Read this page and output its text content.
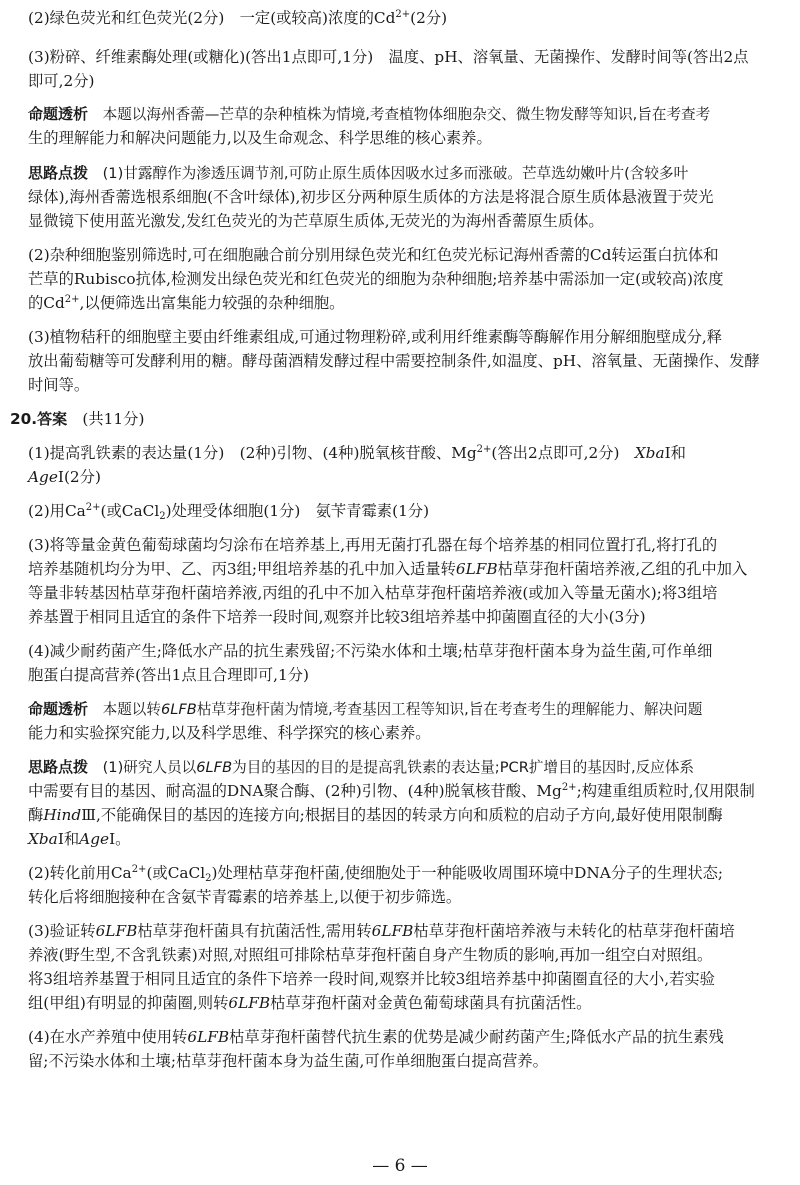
(2)绿色荧光和红色荧光(2分)　一定(或较高)浓度的$Cd^{2+}(2$分)
(3)粉碎、纤维素酶处理(或糖化)(答出1点即可,1分)　温度、pH、溶氧量、无菌操作、发酵时间等(答出2点
即可,2分)
命题透析　本题以海州香薷—芒草的杂种植株为情境,考查植物体细胞杂交、微生物发酵等知识,旨在考查考
生的理解能力和解决问题能力,以及生命观念、科学思维的核心素养。
思路点拨　(1)甘露醇作为渗透压调节剂,可防止原生质体因吸水过多而涨破。芒草选幼嫩叶片(含较多叶
绿体),海州香薷选根系细胞(不含叶绿体),初步区分两种原生质体的方法是将混合原生质体悬液置于荧光
显微镜下使用蓝光激发,发红色荧光的为芒草原生质体,无荧光的为海州香薷原生质体。
(2)杂种细胞鉴别筛选时,可在细胞融合前分别用绿色荧光和红色荧光标记海州香薷的Cd转运蛋白抗体和
芒草的Rubisco抗体,检测发出绿色荧光和红色荧光的细胞为杂种细胞;培养基中需添加一定(或较高)浓度
的$Cd^{2+}$,以便筛选出富集能力较强的杂种细胞。
(3)植物秸秆的细胞壁主要由纤维素组成,可通过物理粉碎,或利用纤维素酶等酶解作用分解细胞壁成分,释
放出葡萄糖等可发酵利用的糖。酵母菌酒精发酵过程中需要控制条件,如温度、pH、溶氧量、无菌操作、发酵
时间等。
20.答案　(共11分)
(1)提高乳铁素的表达量(1分)　(2种)引物、(4种)脱氧核苷酸、$Mg^{2+}$(答出2点即可,2分)　XbaⅠ和
AgeⅠ(2分)
(2)用$Ca^{2+}$(或CaCl$_2$)处理受体细胞(1分)　氨苄青霉素(1分)
(3)将等量金黄色葡萄球菌均匀涂布在培养基上,再用无菌打孔器在每个培养基的相同位置打孔,将打孔的
培养基随机均分为甲、乙、丙3组;甲组培养基的孔中加入适量转6LFB枯草芽孢杆菌培养液,乙组的孔中加入
等量非转基因枯草芽孢杆菌培养液,丙组的孔中不加入枯草芽孢杆菌培养液(或加入等量无菌水);将3组培
养基置于相同且适宜的条件下培养一段时间,观察并比较3组培养基中抑菌圈直径的大小(3分)
(4)减少耐药菌产生;降低水产品的抗生素残留;不污染水体和土壤;枯草芽孢杆菌本身为益生菌,可作单细
胞蛋白提高营养(答出1点且合理即可,1分)
命题透析　本题以转6LFB枯草芽孢杆菌为情境,考查基因工程等知识,旨在考查考生的理解能力、解决问题
能力和实验探究能力,以及科学思维、科学探究的核心素养。
思路点拨　(1)研究人员以6LFB为目的基因的目的是提高乳铁素的表达量;PCR扩增目的基因时,反应体系
中需要有目的基因、耐高温的DNA聚合酶、(2种)引物、(4种)脱氧核苷酸、$Mg^{2+}$;构建重组质粒时,仅用限制
酶HindⅢ,不能确保目的基因的连接方向;根据目的基因的转录方向和质粒的启动子方向,最好使用限制酶
XbaⅠ和AgeⅠ。
(2)转化前用$Ca^{2+}$(或CaCl$_2$)处理枯草芽孢杆菌,使细胞处于一种能吸收周围环境中DNA分子的生理状态;
转化后将细胞接种在含氨苄青霉素的培养基上,以便于初步筛选。
(3)验证转6LFB枯草芽孢杆菌具有抗菌活性,需用转6LFB枯草芽孢杆菌培养液与未转化的枯草芽孢杆菌培
养液(野生型,不含乳铁素)对照,对照组可排除枯草芽孢杆菌自身产生物质的影响,再加一组空白对照组。
将3组培养基置于相同且适宜的条件下培养一段时间,观察并比较3组培养基中抑菌圈直径的大小,若实验
组(甲组)有明显的抑菌圈,则转6LFB枯草芽孢杆菌对金黄色葡萄球菌具有抗菌活性。
(4)在水产养殖中使用转6LFB枯草芽孢杆菌替代抗生素的优势是减少耐药菌产生;降低水产品的抗生素残
留;不污染水体和土壤;枯草芽孢杆菌本身为益生菌,可作单细胞蛋白提高营养。
— 6 —
